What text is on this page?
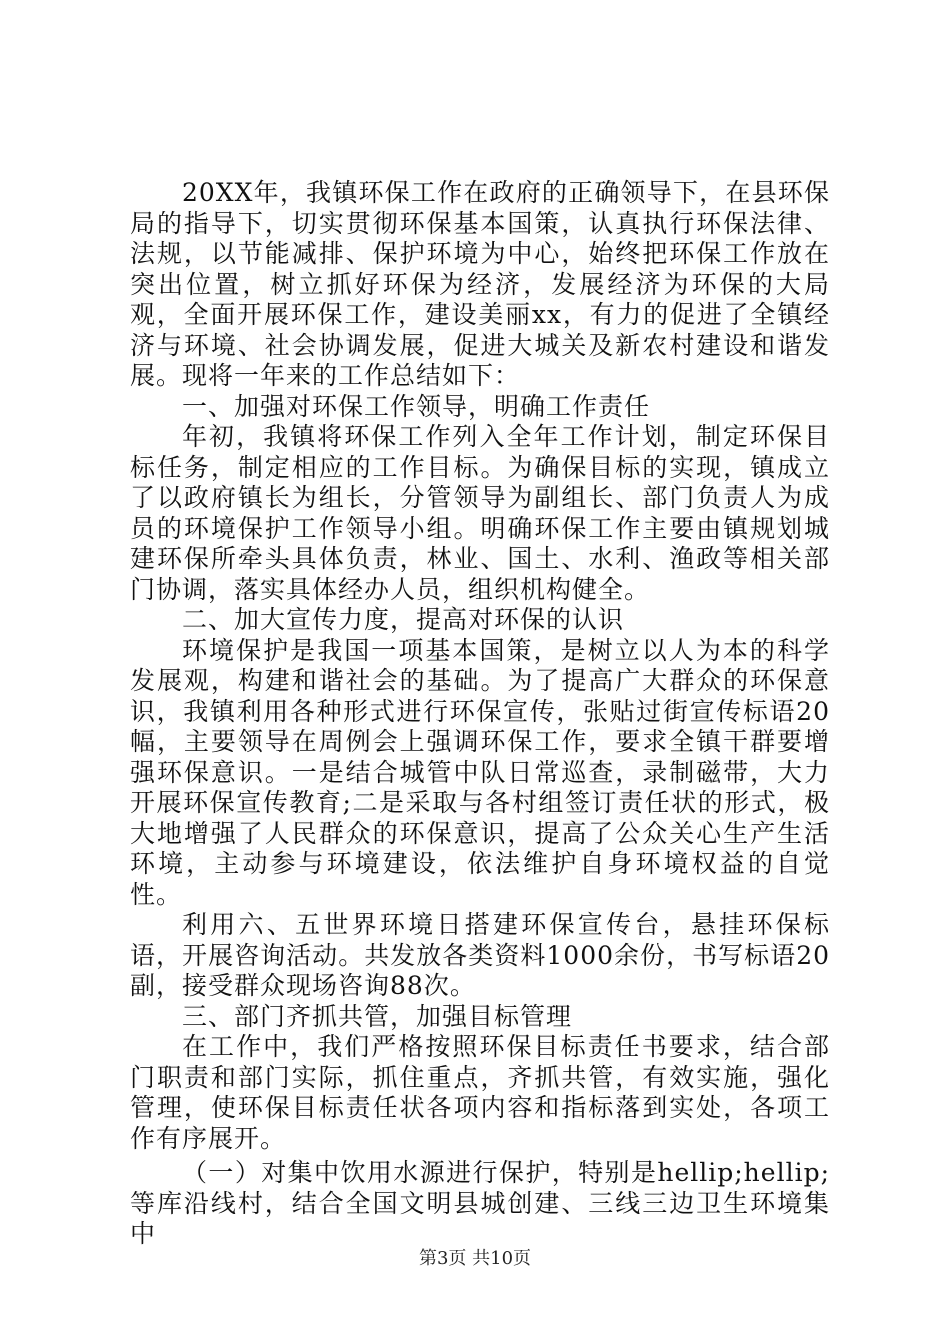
20XX年，我镇环保工作在政府的正确领导下，在县环保局的指导下，切实贯彻环保基本国策，认真执行环保法律、法规，以节能减排、保护环境为中心，始终把环保工作放在突出位置，树立抓好环保为经济，发展经济为环保的大局观，全面开展环保工作，建设美丽xx，有力的促进了全镇经济与环境、社会协调发展，促进大城关及新农村建设和谐发展。现将一年来的工作总结如下：

一、加强对环保工作领导，明确工作责任

年初，我镇将环保工作列入全年工作计划，制定环保目标任务，制定相应的工作目标。为确保目标的实现，镇成立了以政府镇长为组长，分管领导为副组长、部门负责人为成员的环境保护工作领导小组。明确环保工作主要由镇规划城建环保所牵头具体负责，林业、国土、水利、渔政等相关部门协调，落实具体经办人员，组织机构健全。

二、加大宣传力度，提高对环保的认识

环境保护是我国一项基本国策，是树立以人为本的科学发展观，构建和谐社会的基础。为了提高广大群众的环保意识，我镇利用各种形式进行环保宣传，张贴过街宣传标语20幅，主要领导在周例会上强调环保工作，要求全镇干群要增强环保意识。一是结合城管中队日常巡查，录制磁带，大力开展环保宣传教育;二是采取与各村组签订责任状的形式，极大地增强了人民群众的环保意识，提高了公众关心生产生活环境，主动参与环境建设，依法维护自身环境权益的自觉性。

利用六、五世界环境日搭建环保宣传台，悬挂环保标语，开展咨询活动。共发放各类资料1000余份，书写标语20副，接受群众现场咨询88次。

三、部门齐抓共管，加强目标管理

在工作中，我们严格按照环保目标责任书要求，结合部门职责和部门实际，抓住重点，齐抓共管，有效实施，强化管理，使环保目标责任状各项内容和指标落到实处，各项工作有序展开。

（一）对集中饮用水源进行保护，特别是hellip;hellip;等库沿线村，结合全国文明县城创建、三线三边卫生环境集中

第3页 共10页
